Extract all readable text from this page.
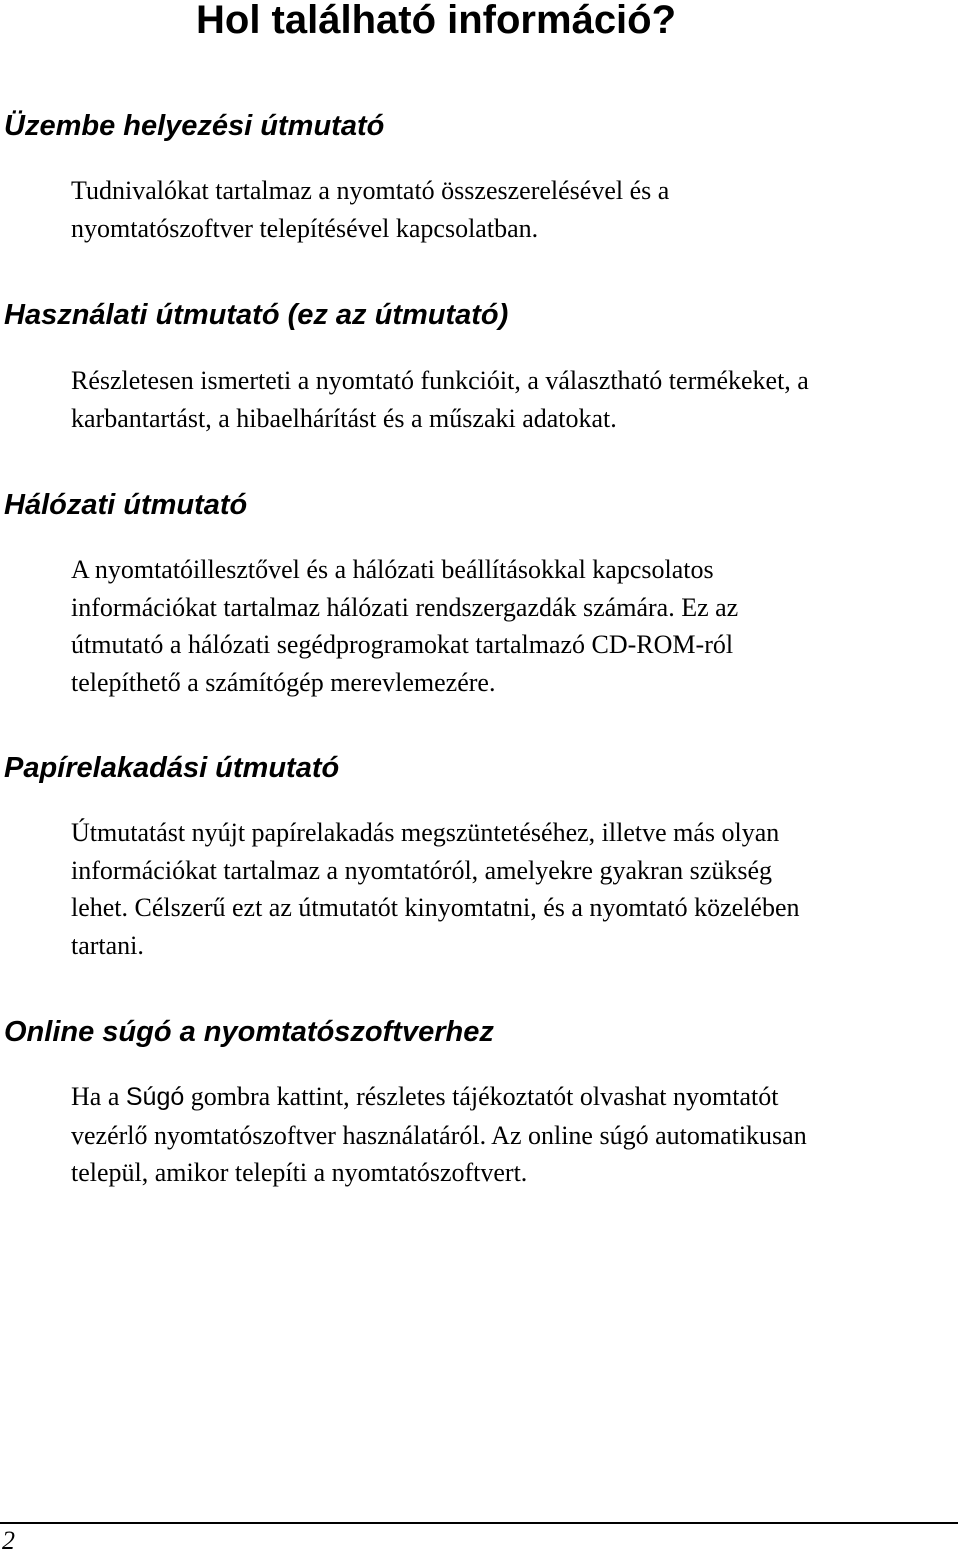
Hol található információ?
Üzembe helyezési útmutató
Tudnivalókat tartalmaz a nyomtató összeszerelésével és a
nyomtatószoftver telepítésével kapcsolatban.
Használati útmutató (ez az útmutató)
Részletesen ismerteti a nyomtató funkcióit, a választható termékeket, a
karbantartást, a hibaelhárítást és a műszaki adatokat.
Hálózati útmutató
A nyomtatóillesztővel és a hálózati beállításokkal kapcsolatos
információkat tartalmaz hálózati rendszergazdák számára. Ez az
útmutató a hálózati segédprogramokat tartalmazó CD-ROM-ról
telepíthető a számítógép merevlemezére.
Papírelakadási útmutató
Útmutatást nyújt papírelakadás megszüntetéséhez, illetve más olyan
információkat tartalmaz a nyomtatóról, amelyekre gyakran szükség
lehet. Célszerű ezt az útmutatót kinyomtatni, és a nyomtató közelében
tartani.
Online súgó a nyomtatószoftverhez
Ha a Súgó gombra kattint, részletes tájékoztatót olvashat nyomtatót
vezérlő nyomtatószoftver használatáról. Az online súgó automatikusan
települ, amikor telepíti a nyomtatószoftvert.
2
